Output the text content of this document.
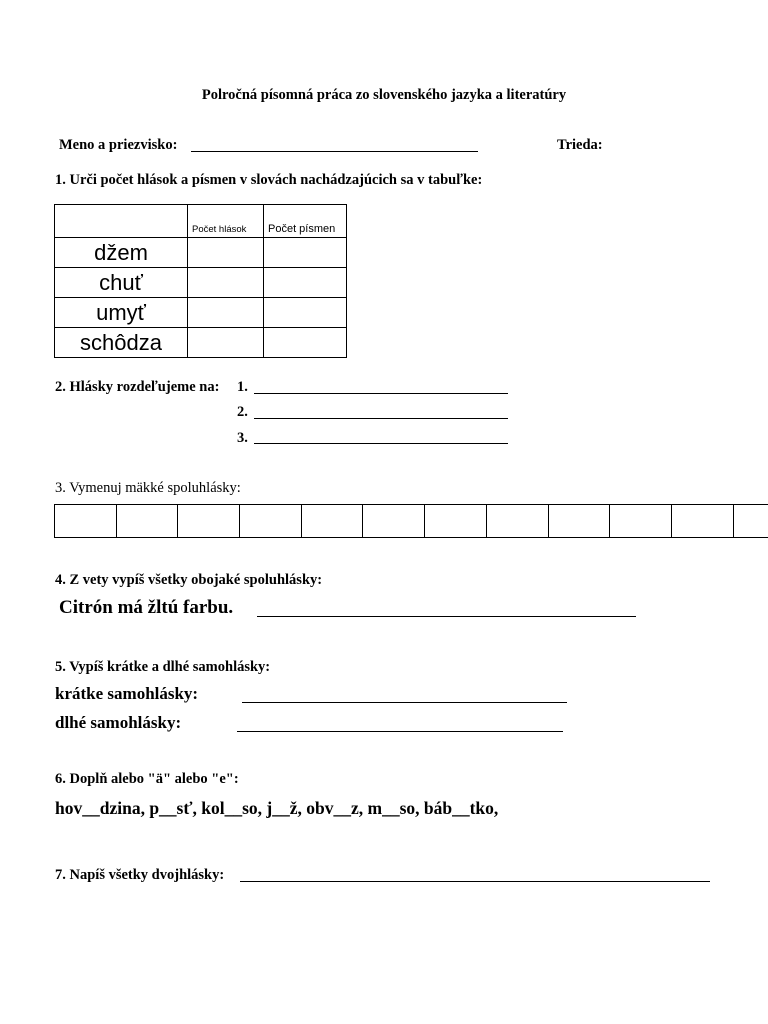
Polročná písomná práca zo slovenského jazyka a literatúry
Meno a priezvisko:	Trieda:
1. Urči počet hlások a písmen v slovách nachádzajúcich sa v tabuľke:

	Počet hlások	Počet písmen

džem		
chuť		
umyť		
schôdza		
2. Hlásky rozdeľujeme na: 1.
2.
3.
3. Vymenuj mäkké spoluhlásky:
4. Z vety vypíš všetky obojaké spoluhlásky:
Citrón má žltú farbu.
5. Vypíš krátke a dlhé samohlásky:
krátke samohlásky:
dlhé samohlásky:
6. Doplň alebo "ä" alebo "e":
hov__dzina, p__sť, kol__so, j__ž, obv__z, m__so, báb__tko,
7. Napíš všetky dvojhlásky:
